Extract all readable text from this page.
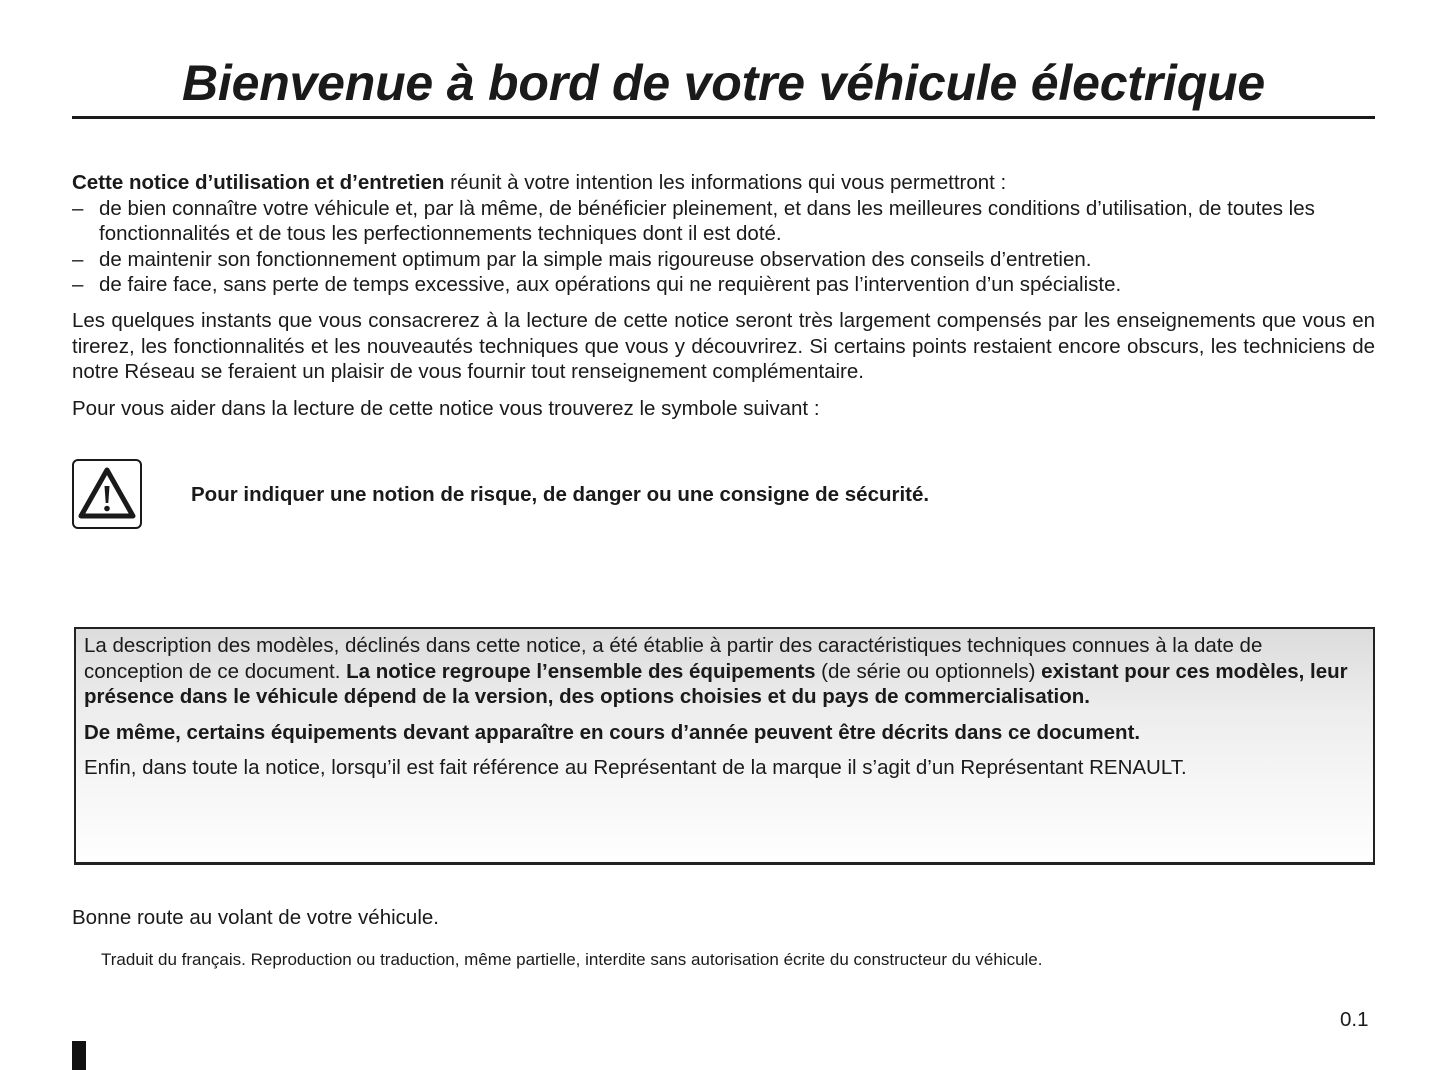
Bienvenue à bord de votre véhicule électrique

Cette notice d’utilisation et d’entretien réunit à votre intention les informations qui vous permettront :

– de bien connaître votre véhicule et, par là même, de bénéficier pleinement, et dans les meilleures conditions d’utilisation, de toutes les fonctionnalités et de tous les perfectionnements techniques dont il est doté.
– de maintenir son fonctionnement optimum par la simple mais rigoureuse observation des conseils d’entretien.
– de faire face, sans perte de temps excessive, aux opérations qui ne requièrent pas l’intervention d’un spécialiste.

Les quelques instants que vous consacrerez à la lecture de cette notice seront très largement compensés par les enseignements que vous en tirerez, les fonctionnalités et les nouveautés techniques que vous y découvrirez. Si certains points restaient encore obscurs, les techniciens de notre Réseau se feraient un plaisir de vous fournir tout renseignement complémentaire.

Pour vous aider dans la lecture de cette notice vous trouverez le symbole suivant :

Pour indiquer une notion de risque, de danger ou une consigne de sécurité.

La description des modèles, déclinés dans cette notice, a été établie à partir des caractéristiques techniques connues à la date de conception de ce document. La notice regroupe l’ensemble des équipements (de série ou optionnels) existant pour ces modèles, leur présence dans le véhicule dépend de la version, des options choisies et du pays de commercialisation.

De même, certains équipements devant apparaître en cours d’année peuvent être décrits dans ce document.

Enfin, dans toute la notice, lorsqu’il est fait référence au Représentant de la marque il s’agit d’un Représentant RENAULT.

Bonne route au volant de votre véhicule.

Traduit du français. Reproduction ou traduction, même partielle, interdite sans autorisation écrite du constructeur du véhicule.

0.1
